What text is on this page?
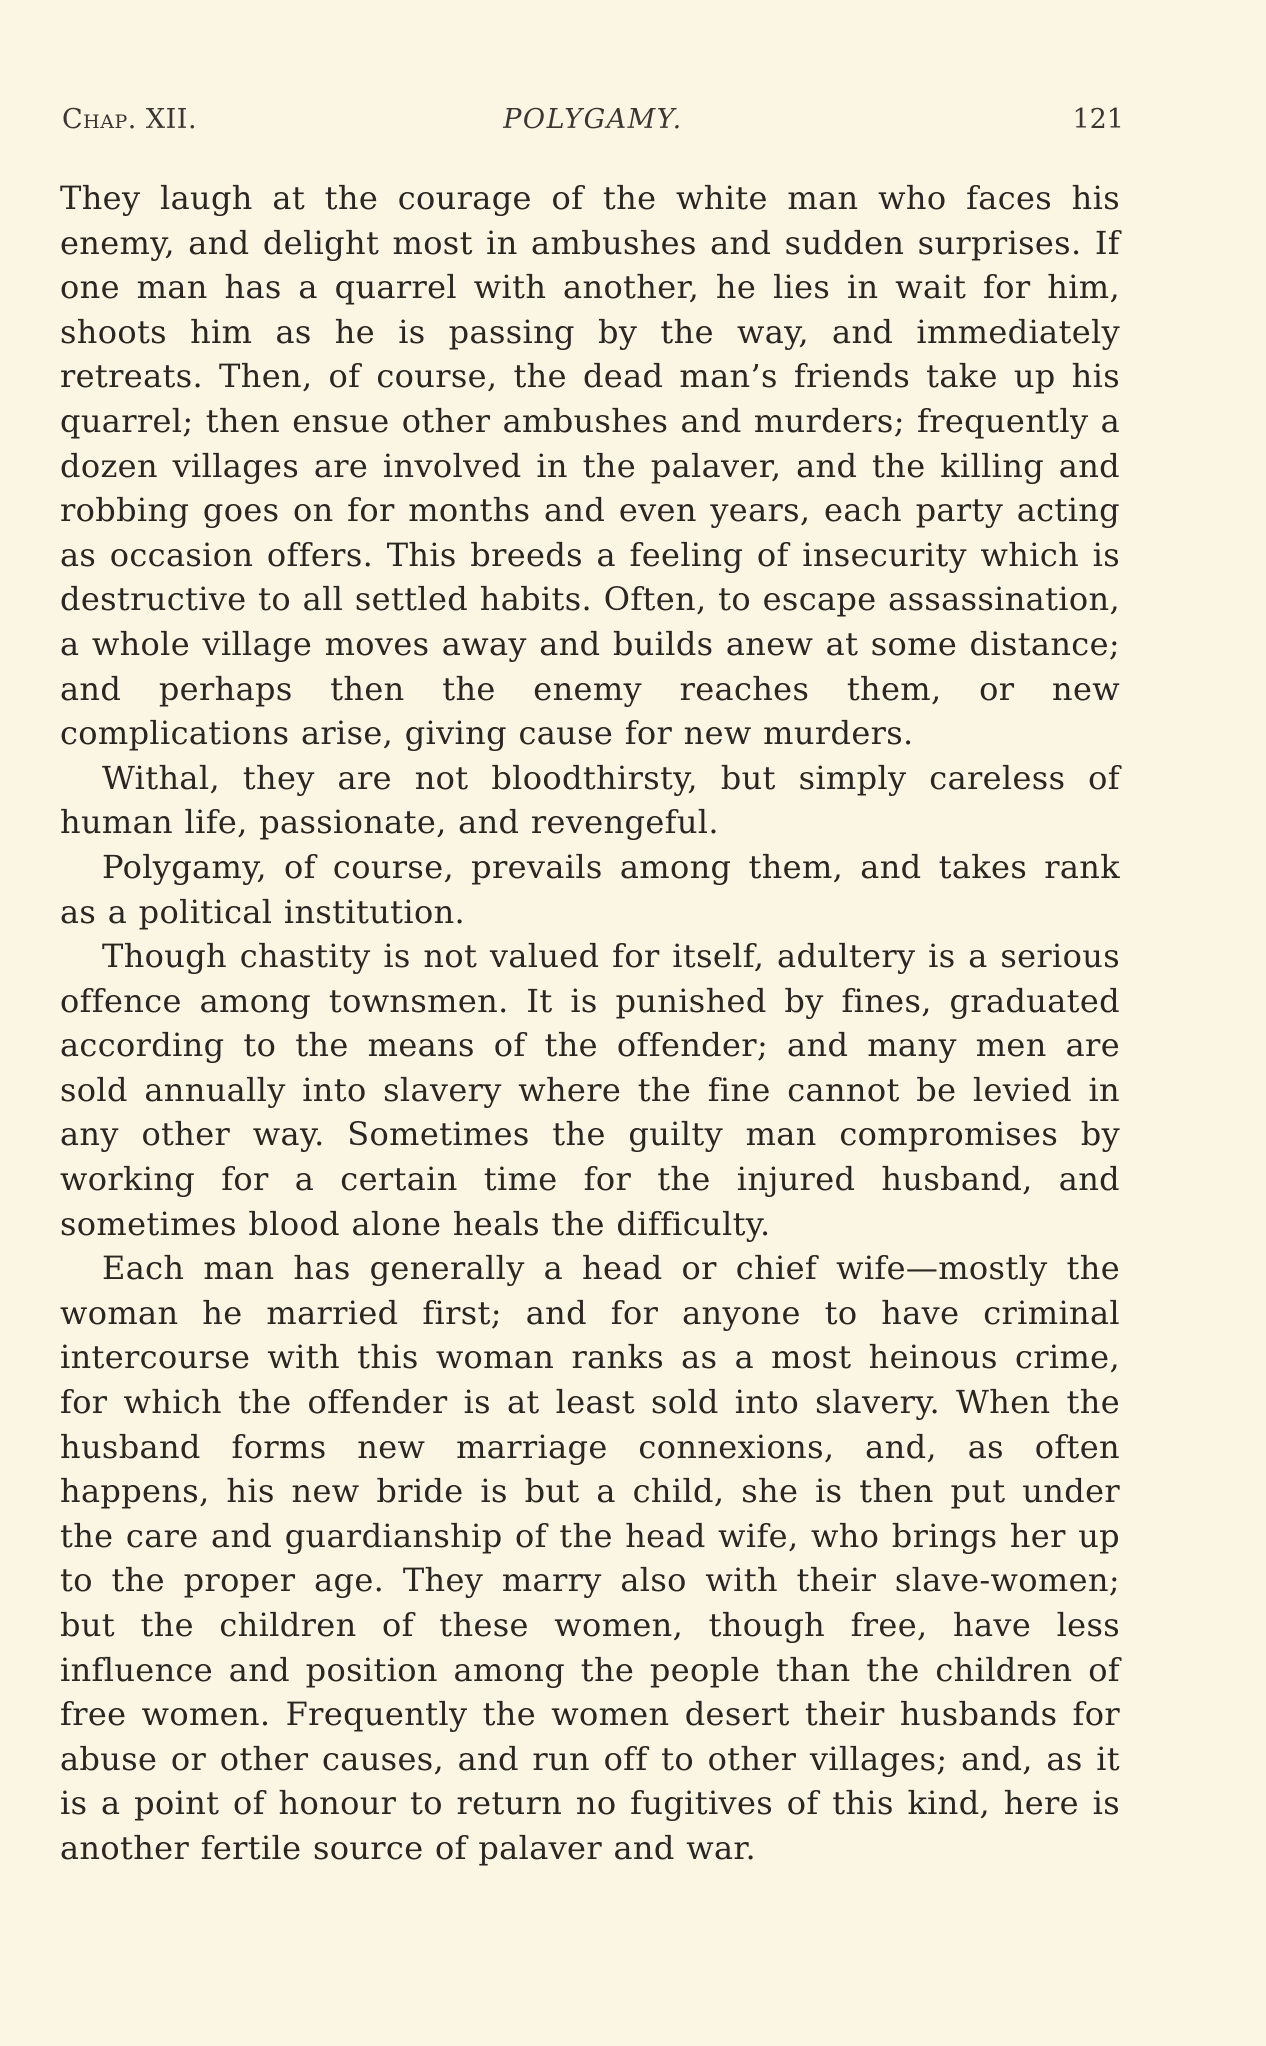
Chap. XII.	POLYGAMY.	121

They laugh at the courage of the white man who faces his enemy, and delight most in ambushes and sudden surprises. If one man has a quarrel with another, he lies in wait for him, shoots him as he is passing by the way, and immediately retreats. Then, of course, the dead man’s friends take up his quarrel; then ensue other ambushes and murders; frequently a dozen villages are involved in the palaver, and the killing and robbing goes on for months and even years, each party acting as occasion offers. This breeds a feeling of insecurity which is destructive to all settled habits. Often, to escape assassination, a whole village moves away and builds anew at some distance; and perhaps then the enemy reaches them, or new complications arise, giving cause for new murders.

Withal, they are not bloodthirsty, but simply careless of human life, passionate, and revengeful.

Polygamy, of course, prevails among them, and takes rank as a political institution.

Though chastity is not valued for itself, adultery is a serious offence among townsmen. It is punished by fines, graduated according to the means of the offender; and many men are sold annually into slavery where the fine cannot be levied in any other way. Sometimes the guilty man compromises by working for a certain time for the injured husband, and sometimes blood alone heals the difficulty.

Each man has generally a head or chief wife—mostly the woman he married first; and for anyone to have criminal intercourse with this woman ranks as a most heinous crime, for which the offender is at least sold into slavery. When the husband forms new marriage connexions, and, as often happens, his new bride is but a child, she is then put under the care and guardianship of the head wife, who brings her up to the proper age. They marry also with their slave-women; but the children of these women, though free, have less influence and position among the people than the children of free women. Frequently the women desert their husbands for abuse or other causes, and run off to other villages; and, as it is a point of honour to return no fugitives of this kind, here is another fertile source of palaver and war.
